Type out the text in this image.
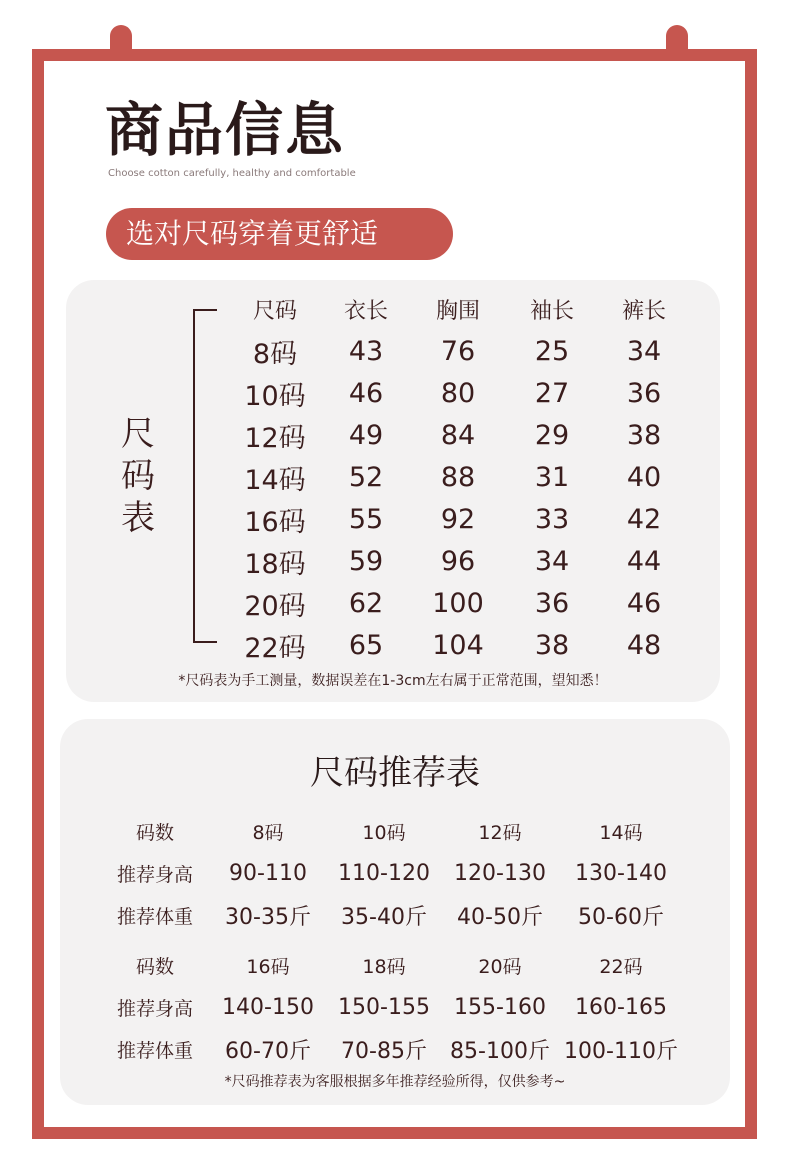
商品信息
Choose cotton carefully, healthy and comfortable
选对尺码穿着更舒适
尺
码
表
尺码	衣长	胸围	袖长	裤长
8码	43	76	25	34
10码	46	80	27	36
12码	49	84	29	38
14码	52	88	31	40
16码	55	92	33	42
18码	59	96	34	44
20码	62	100	36	46
22码	65	104	38	48
*尺码表为手工测量，数据误差在1-3cm左右属于正常范围，望知悉！
尺码推荐表
码数	8码	10码	12码	14码
推荐身高	90-110	110-120	120-130	130-140
推荐体重	30-35斤	35-40斤	40-50斤	50-60斤
码数	16码	18码	20码	22码
推荐身高	140-150	150-155	155-160	160-165
推荐体重	60-70斤	70-85斤	85-100斤	100-110斤
*尺码推荐表为客服根据多年推荐经验所得，仅供参考~
